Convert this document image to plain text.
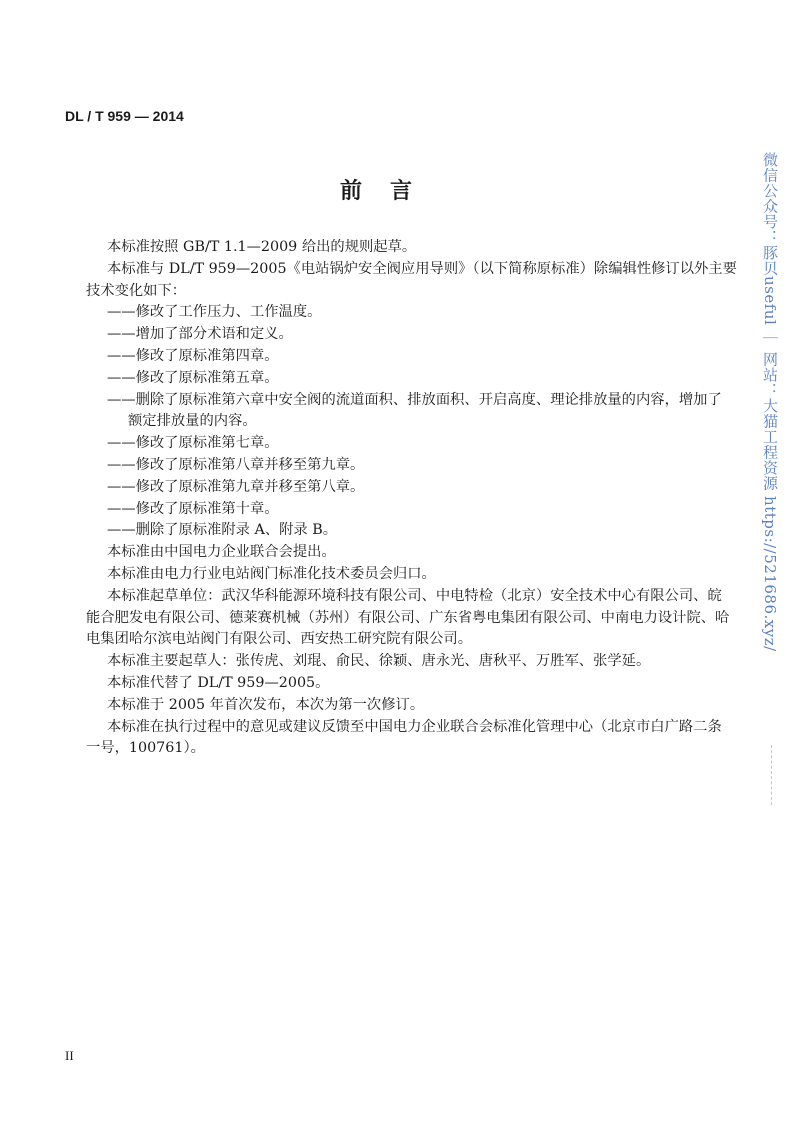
DL / T 959 — 2014
前言
本标准按照 GB/T 1.1—2009 给出的规则起草。
本标准与 DL/T 959—2005《电站锅炉安全阀应用导则》（以下简称原标准）除编辑性修订以外主要
技术变化如下：
——修改了工作压力、工作温度。
——增加了部分术语和定义。
——修改了原标准第四章。
——修改了原标准第五章。
——删除了原标准第六章中安全阀的流道面积、排放面积、开启高度、理论排放量的内容，增加了
额定排放量的内容。
——修改了原标准第七章。
——修改了原标准第八章并移至第九章。
——修改了原标准第九章并移至第八章。
——修改了原标准第十章。
——删除了原标准附录 A、附录 B。
本标准由中国电力企业联合会提出。
本标准由电力行业电站阀门标准化技术委员会归口。
本标准起草单位：武汉华科能源环境科技有限公司、中电特检（北京）安全技术中心有限公司、皖
能合肥发电有限公司、德莱赛机械（苏州）有限公司、广东省粤电集团有限公司、中南电力设计院、哈
电集团哈尔滨电站阀门有限公司、西安热工研究院有限公司。
本标准主要起草人：张传虎、刘琨、俞民、徐颖、唐永光、唐秋平、万胜军、张学延。
本标准代替了 DL/T 959—2005。
本标准于 2005 年首次发布，本次为第一次修订。
本标准在执行过程中的意见或建议反馈至中国电力企业联合会标准化管理中心（北京市白广路二条
一号，100761）。
II
微信公众号：豚贝useful ｜ 网站：大猫工程资源 https://521686.xyz/
